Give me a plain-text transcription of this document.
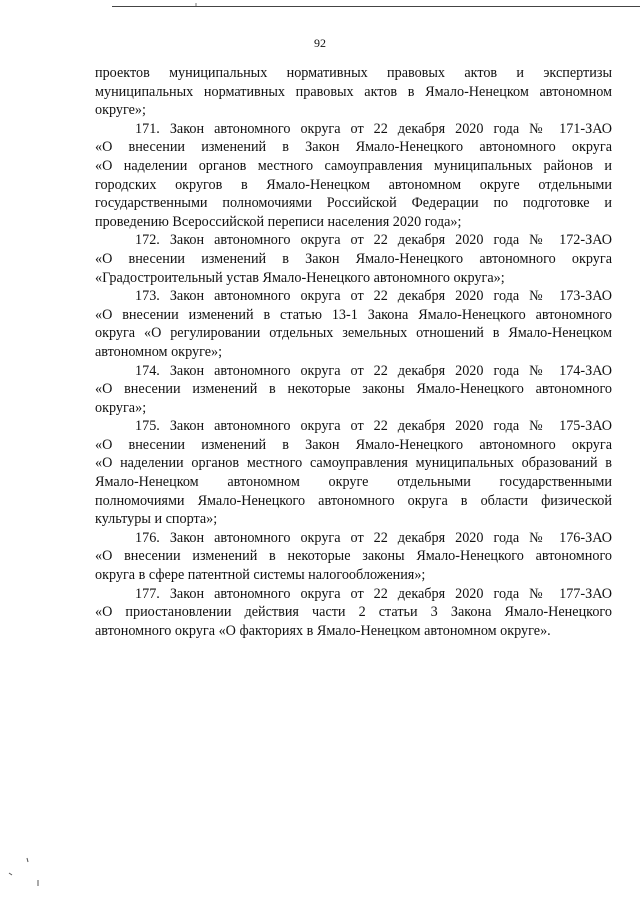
92
проектов муниципальных нормативных правовых актов и экспертизы
муниципальных нормативных правовых актов в Ямало-Ненецком автономном
округе»;
171. Закон автономного округа от 22 декабря 2020 года № 171-ЗАО
«О внесении изменений в Закон Ямало-Ненецкого автономного округа
«О наделении органов местного самоуправления муниципальных районов и
городских округов в Ямало-Ненецком автономном округе отдельными
государственными полномочиями Российской Федерации по подготовке и
проведению Всероссийской переписи населения 2020 года»;
172. Закон автономного округа от 22 декабря 2020 года № 172-ЗАО
«О внесении изменений в Закон Ямало-Ненецкого автономного округа
«Градостроительный устав Ямало-Ненецкого автономного округа»;
173. Закон автономного округа от 22 декабря 2020 года № 173-ЗАО
«О внесении изменений в статью 13-1 Закона Ямало-Ненецкого автономного
округа «О регулировании отдельных земельных отношений в Ямало-Ненецком
автономном округе»;
174. Закон автономного округа от 22 декабря 2020 года № 174-ЗАО
«О внесении изменений в некоторые законы Ямало-Ненецкого автономного
округа»;
175. Закон автономного округа от 22 декабря 2020 года № 175-ЗАО
«О внесении изменений в Закон Ямало-Ненецкого автономного округа
«О наделении органов местного самоуправления муниципальных образований в
Ямало-Ненецком автономном округе отдельными государственными
полномочиями Ямало-Ненецкого автономного округа в области физической
культуры и спорта»;
176. Закон автономного округа от 22 декабря 2020 года № 176-ЗАО
«О внесении изменений в некоторые законы Ямало-Ненецкого автономного
округа в сфере патентной системы налогообложения»;
177. Закон автономного округа от 22 декабря 2020 года № 177-ЗАО
«О приостановлении действия части 2 статьи 3 Закона Ямало-Ненецкого
автономного округа «О факториях в Ямало-Ненецком автономном округе».
